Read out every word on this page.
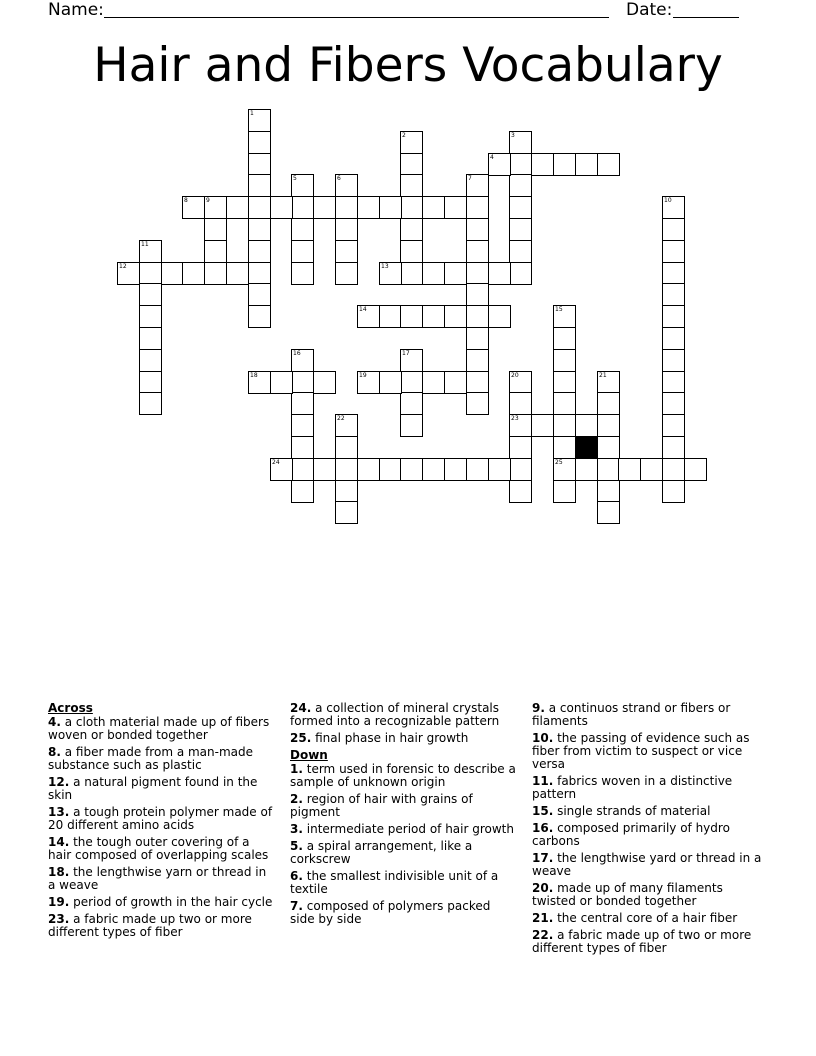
Name:	Date:
Hair and Fibers Vocabulary
1
2	3
4
5	6	7
8	9	10
11
12	13
14	15
25
16	17
18	19	20
23
21
22
24
Across
4. a cloth material made up of fibers woven or bonded together
8. a fiber made from a man-made substance such as plastic
12. a natural pigment found in the skin
13. a tough protein polymer made of 20 different amino acids
14. the tough outer covering of a hair composed of overlapping scales
18. the lengthwise yarn or thread in a weave
19. period of growth in the hair cycle
23. a fabric made up two or more different types of fiber
24. a collection of mineral crystals formed into a recognizable pattern
25. final phase in hair growth
Down
1. term used in forensic to describe a sample of unknown origin
2. region of hair with grains of pigment
3. intermediate period of hair growth
5. a spiral arrangement, like a corkscrew
6. the smallest indivisible unit of a textile
7. composed of polymers packed side by side
9. a continuos strand or fibers or filaments
10. the passing of evidence such as fiber from victim to suspect or vice versa
11. fabrics woven in a distinctive pattern
15. single strands of material
16. composed primarily of hydro carbons
17. the lengthwise yard or thread in a weave
20. made up of many filaments twisted or bonded together
21. the central core of a hair fiber
22. a fabric made up of two or more different types of fiber
